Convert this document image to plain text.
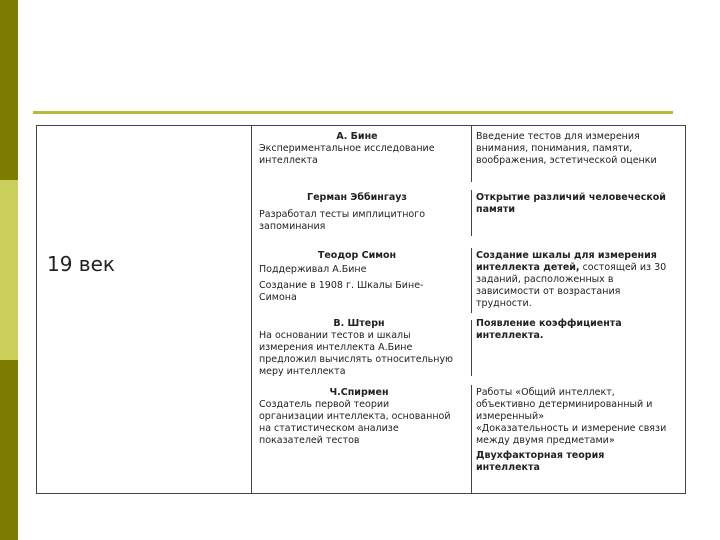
19 век

А. Бине

Экспериментальное исследование

интеллекта

Введение тестов для измерения

внимания, понимания, памяти,

воображения, эстетической оценки

Герман Эббингауз

Разработал тесты имплицитного

запоминания

Открытие различий человеческой

памяти

Теодор Симон

Поддерживал А.Бине

Создание в 1908 г. Шкалы Бине-

Симона

Создание шкалы для измерения

интеллекта детей, состоящей из 30

заданий, расположенных в

зависимости от возрастания

трудности.

В. Штерн

На основании тестов и шкалы

измерения интеллекта А.Бине

предложил вычислять относительную

меру интеллекта

Появление коэффициента

интеллекта.

Ч.Спирмен

Создатель первой теории

организации интеллекта, основанной

на статистическом анализе

показателей тестов

Работы «Общий интеллект,

объективно детерминированный и

измеренный»

«Доказательность и измерение связи

между двумя предметами»

Двухфакторная теория

интеллекта
